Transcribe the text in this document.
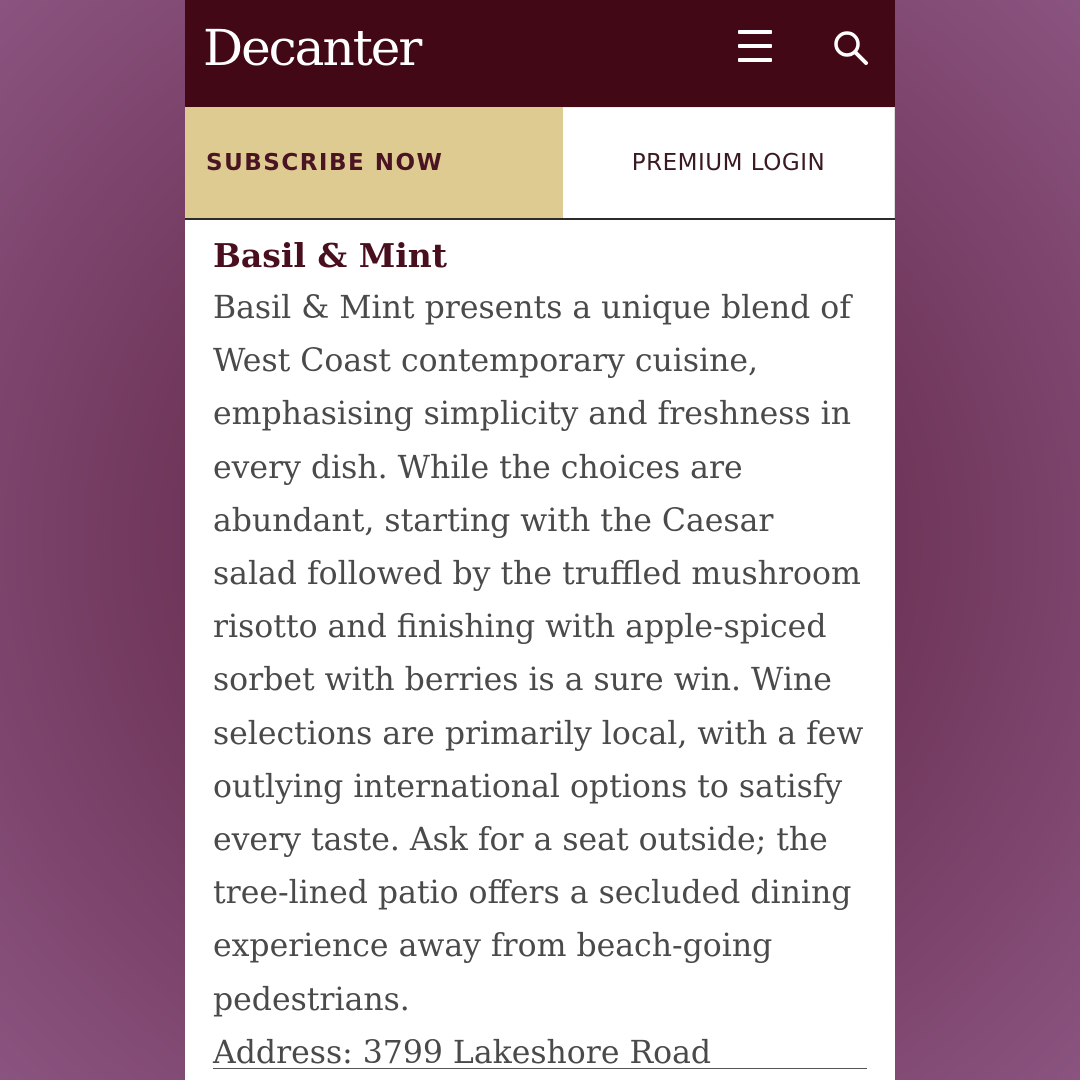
Decanter
SUBSCRIBE NOW	PREMIUM LOGIN
Basil & Mint

Basil & Mint presents a unique blend of West Coast contemporary cuisine, emphasising simplicity and freshness in every dish. While the choices are abundant, starting with the Caesar salad followed by the truffled mushroom risotto and finishing with apple-spiced sorbet with berries is a sure win. Wine selections are primarily local, with a few outlying international options to satisfy every taste. Ask for a seat outside; the tree-lined patio offers a secluded dining experience away from beach-going pedestrians.

Address: 3799 Lakeshore Road
